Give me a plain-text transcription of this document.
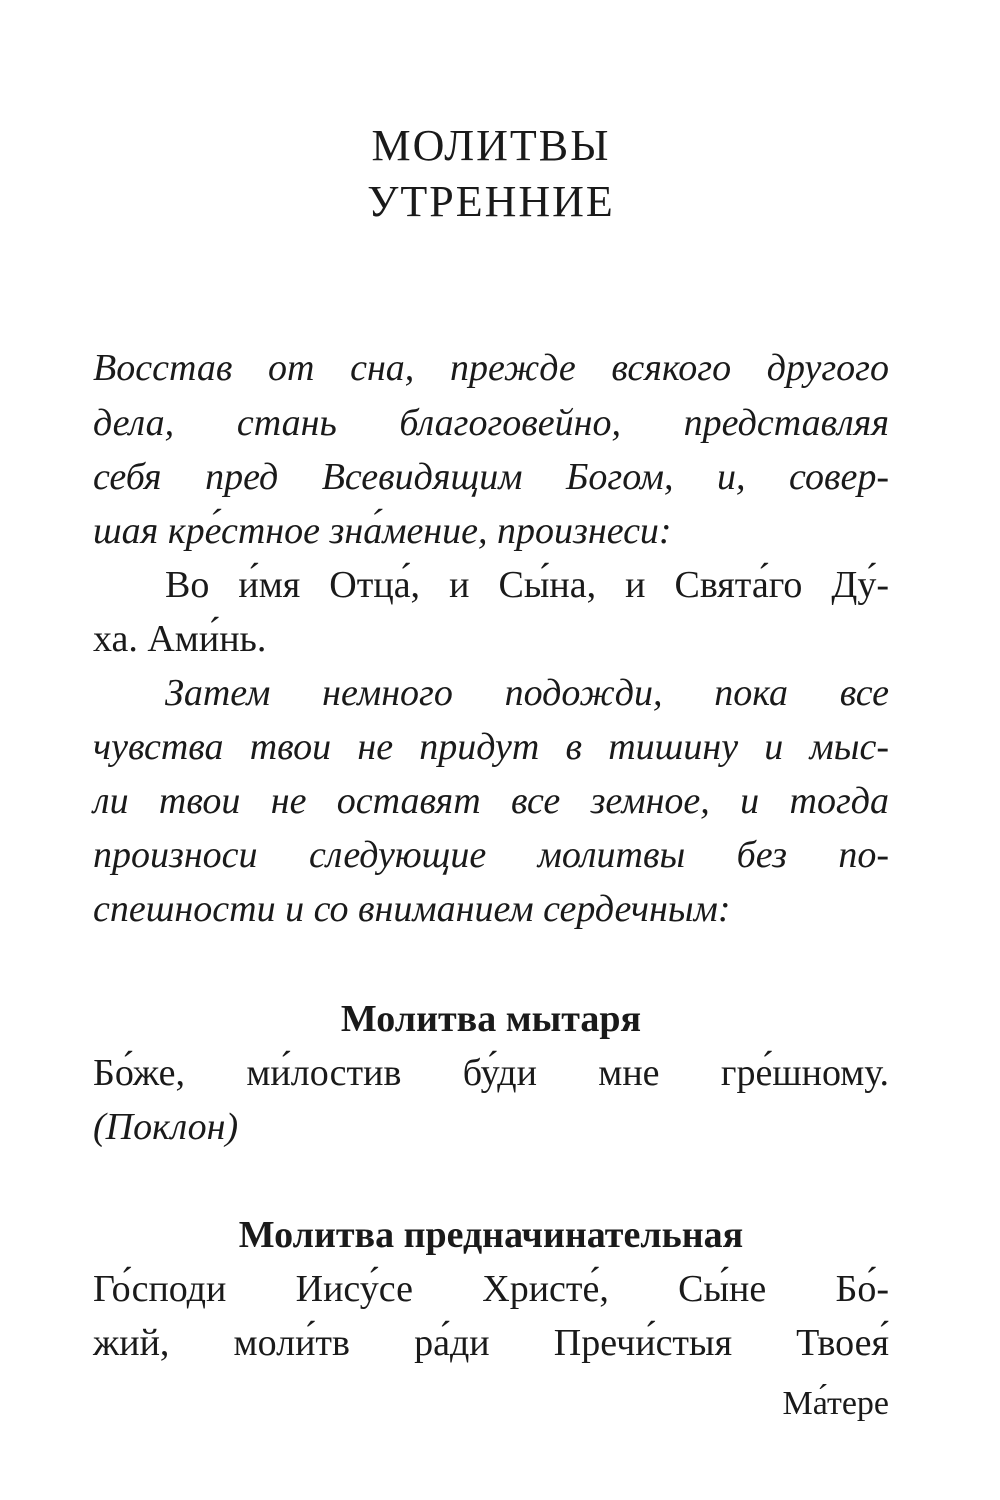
МОЛИТВЫ
УТРЕННИЕ
Восстав от сна, прежде всякого другого
дела, стань благоговейно, представляя
себя пред Всевидящим Богом, и, совер-
шая кре́стное зна́мение, произнеси:
Во и́мя Отца́, и Сы́на, и Свята́го Ду́-
ха. Ами́нь.
Затем немного подожди, пока все
чувства твои не придут в тишину и мыс-
ли твои не оставят все земное, и тогда
произноси следующие молитвы без по-
спешности и со вниманием сердечным:
Молитва мытаря
Бо́же, ми́лостив бу́ди мне гре́шному.
(Поклон)
Молитва предначинательная
Го́споди Иису́се Христе́, Сы́не Бо́-
жий, моли́тв ра́ди Пречи́стыя Твоея́
Ма́тере
